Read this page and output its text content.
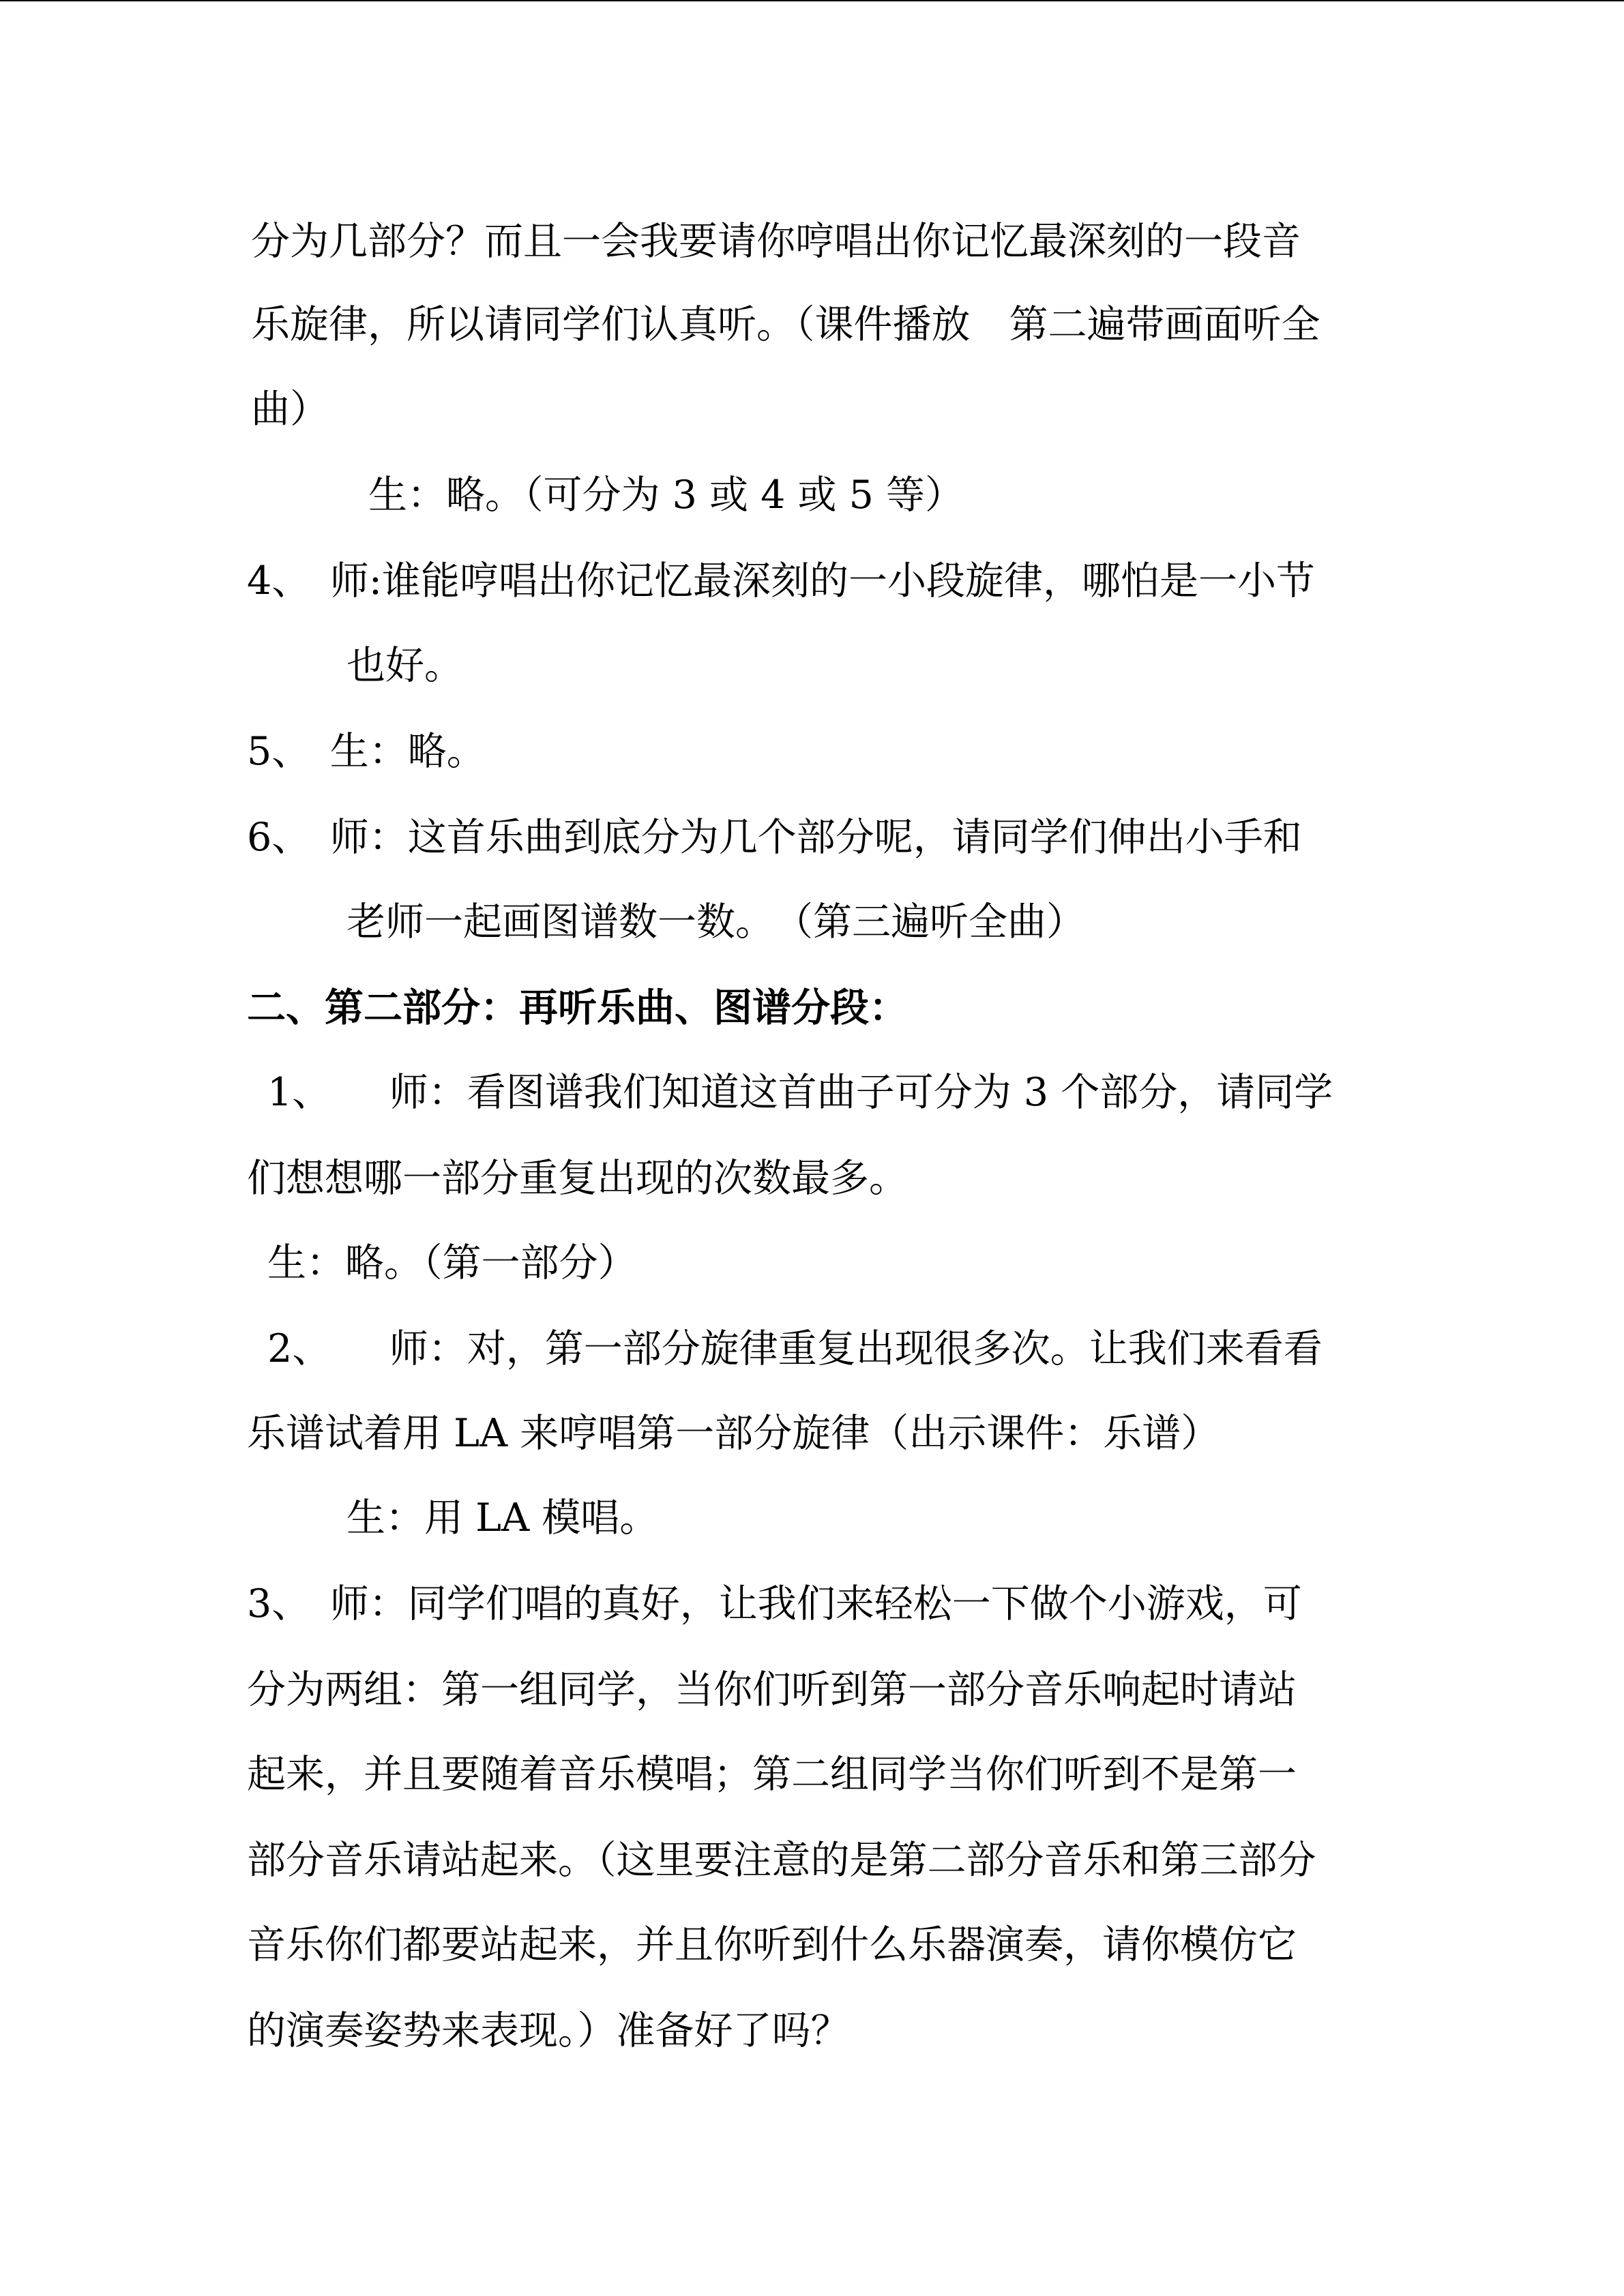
分为几部分？而且一会我要请你哼唱出你记忆最深刻的一段音
乐旋律，所以请同学们认真听。（课件播放　第二遍带画面听全
曲）
生：略。（可分为 3 或 4 或 5 等）
4、　师:谁能哼唱出你记忆最深刻的一小段旋律，哪怕是一小节
也好。
5、　生：略。
6、　师：这首乐曲到底分为几个部分呢，请同学们伸出小手和
老师一起画图谱数一数。　（第三遍听全曲）
二、第二部分：再听乐曲、图谱分段：
1、　　师：看图谱我们知道这首曲子可分为 3 个部分，请同学
们想想哪一部分重复出现的次数最多。
生：略。（第一部分）
2、　　师：对，第一部分旋律重复出现很多次。让我们来看看
乐谱试着用 LA 来哼唱第一部分旋律（出示课件：乐谱）
生：用 LA 模唱。
3、　师：同学们唱的真好，让我们来轻松一下做个小游戏，可
分为两组：第一组同学，当你们听到第一部分音乐响起时请站
起来，并且要随着音乐模唱；第二组同学当你们听到不是第一
部分音乐请站起来。（这里要注意的是第二部分音乐和第三部分
音乐你们都要站起来，并且你听到什么乐器演奏，请你模仿它
的演奏姿势来表现。）准备好了吗？
